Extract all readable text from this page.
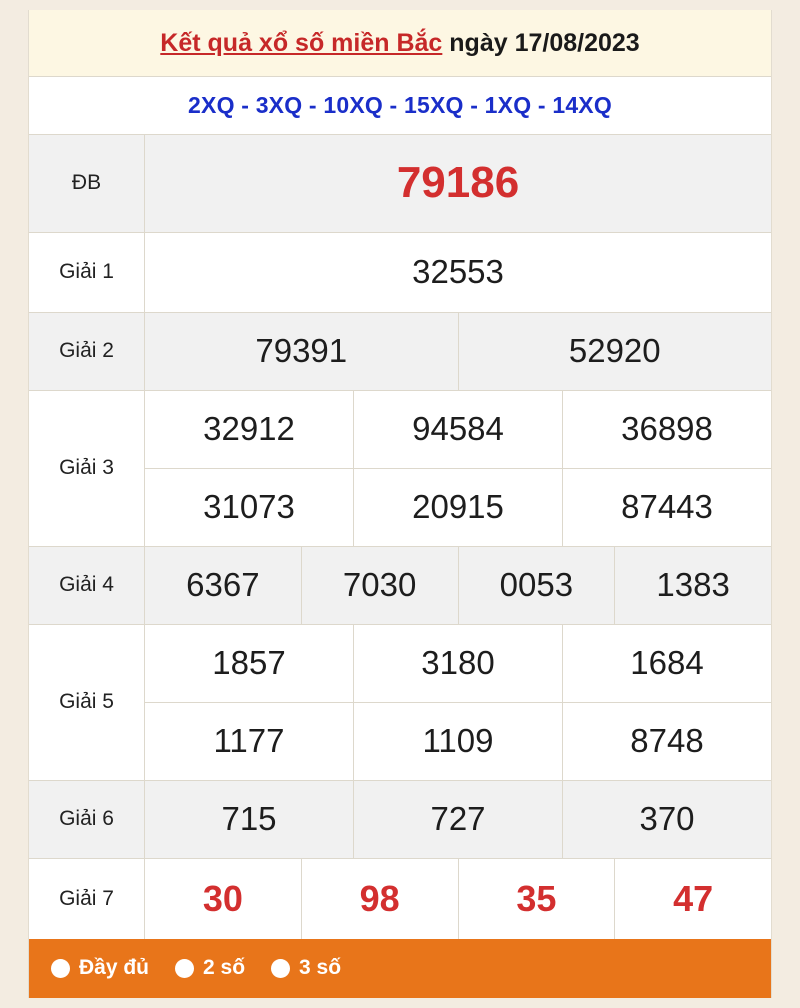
Kết quả xổ số miền Bắc ngày 17/08/2023
2XQ - 3XQ - 10XQ - 15XQ - 1XQ - 14XQ
ĐB	79186
Giải 1	32553
Giải 2	79391	52920
Giải 3
32912	94584	36898
31073	20915	87443
Giải 4	6367	7030	0053	1383
Giải 5
1857	3180	1684
1177	1109	8748
Giải 6	715	727	370
Giải 7	30	98	35	47
Đầy đủ	2 số	3 số
